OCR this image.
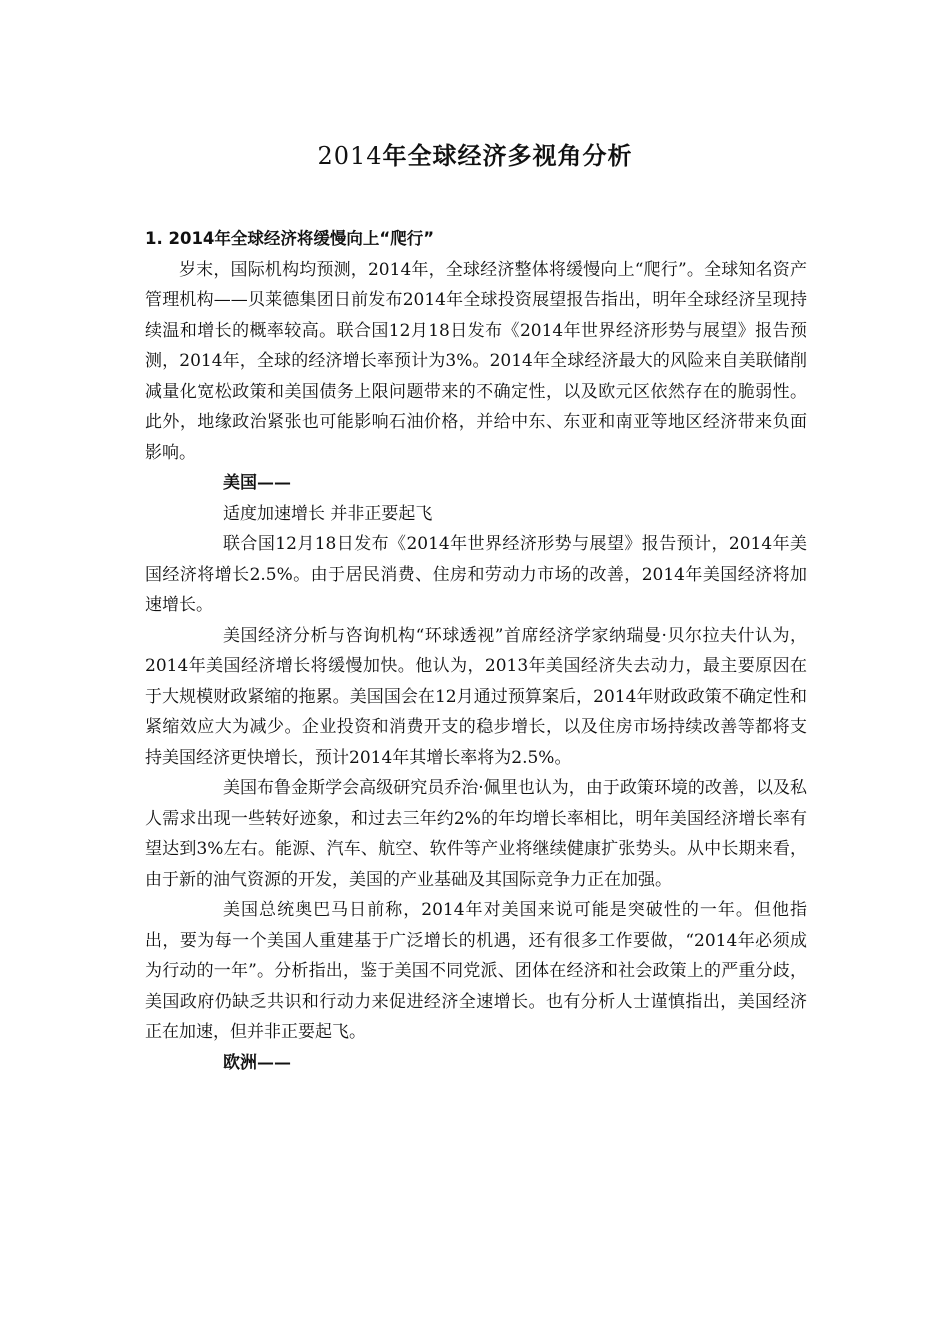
2014年全球经济多视角分析

1. 2014年全球经济将缓慢向上“爬行”

岁末，国际机构均预测，2014年，全球经济整体将缓慢向上“爬行”。全球知名资产管理机构——贝莱德集团日前发布2014年全球投资展望报告指出，明年全球经济呈现持续温和增长的概率较高。联合国12月18日发布《2014年世界经济形势与展望》报告预测，2014年，全球的经济增长率预计为3%。2014年全球经济最大的风险来自美联储削减量化宽松政策和美国债务上限问题带来的不确定性，以及欧元区依然存在的脆弱性。此外，地缘政治紧张也可能影响石油价格，并给中东、东亚和南亚等地区经济带来负面影响。

美国——

适度加速增长 并非正要起飞

联合国12月18日发布《2014年世界经济形势与展望》报告预计，2014年美国经济将增长2.5%。由于居民消费、住房和劳动力市场的改善，2014年美国经济将加速增长。

美国经济分析与咨询机构“环球透视”首席经济学家纳瑞曼·贝尔拉夫什认为，2014年美国经济增长将缓慢加快。他认为，2013年美国经济失去动力，最主要原因在于大规模财政紧缩的拖累。美国国会在12月通过预算案后，2014年财政政策不确定性和紧缩效应大为减少。企业投资和消费开支的稳步增长，以及住房市场持续改善等都将支持美国经济更快增长，预计2014年其增长率将为2.5%。

美国布鲁金斯学会高级研究员乔治·佩里也认为，由于政策环境的改善，以及私人需求出现一些转好迹象，和过去三年约2%的年均增长率相比，明年美国经济增长率有望达到3%左右。能源、汽车、航空、软件等产业将继续健康扩张势头。从中长期来看，由于新的油气资源的开发，美国的产业基础及其国际竞争力正在加强。

美国总统奥巴马日前称，2014年对美国来说可能是突破性的一年。但他指出，要为每一个美国人重建基于广泛增长的机遇，还有很多工作要做，“2014年必须成为行动的一年”。分析指出，鉴于美国不同党派、团体在经济和社会政策上的严重分歧，美国政府仍缺乏共识和行动力来促进经济全速增长。也有分析人士谨慎指出，美国经济正在加速，但并非正要起飞。

欧洲——
